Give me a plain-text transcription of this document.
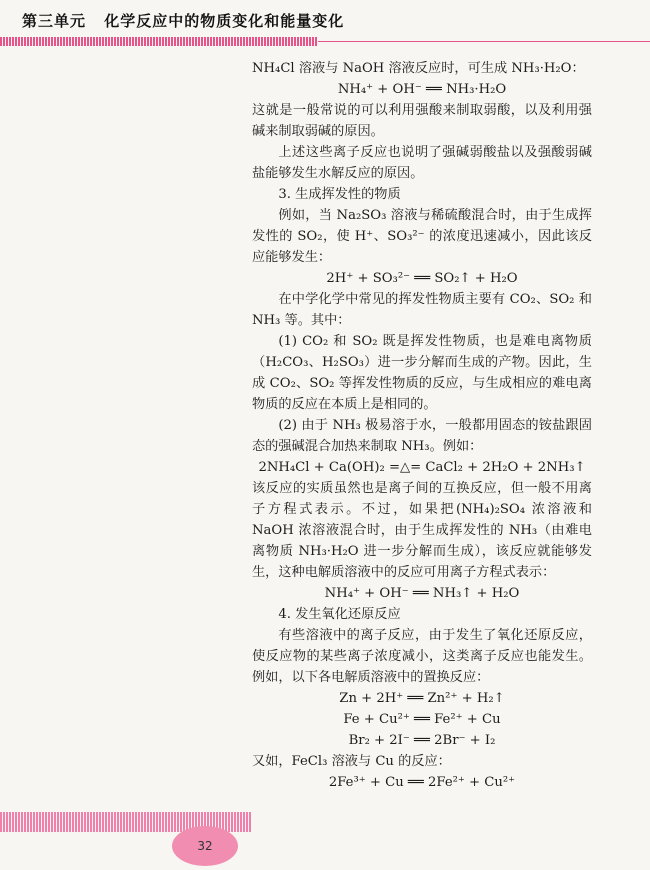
第三单元 化学反应中的物质变化和能量变化

NH₄Cl 溶液与 NaOH 溶液反应时，可生成 NH₃·H₂O：

NH₄⁺ + OH⁻ ══ NH₃·H₂O

这就是一般常说的可以利用强酸来制取弱酸，以及利用强碱来制取弱碱的原因。

上述这些离子反应也说明了强碱弱酸盐以及强酸弱碱盐能够发生水解反应的原因。

3. 生成挥发性的物质

例如，当 Na₂SO₃ 溶液与稀硫酸混合时，由于生成挥发性的 SO₂，使 H⁺、SO₃²⁻ 的浓度迅速减小，因此该反应能够发生：

2H⁺ + SO₃²⁻ ══ SO₂↑ + H₂O

在中学化学中常见的挥发性物质主要有 CO₂、SO₂ 和 NH₃ 等。其中：

(1) CO₂ 和 SO₂ 既是挥发性物质，也是难电离物质（H₂CO₃、H₂SO₃）进一步分解而生成的产物。因此，生成 CO₂、SO₂ 等挥发性物质的反应，与生成相应的难电离物质的反应在本质上是相同的。

(2) 由于 NH₃ 极易溶于水，一般都用固态的铵盐跟固态的强碱混合加热来制取 NH₃。例如：

2NH₄Cl + Ca(OH)₂ =△= CaCl₂ + 2H₂O + 2NH₃↑

该反应的实质虽然也是离子间的互换反应，但一般不用离子方程式表示。不过，如果把(NH₄)₂SO₄ 浓溶液和 NaOH 浓溶液混合时，由于生成挥发性的 NH₃（由难电离物质 NH₃·H₂O 进一步分解而生成），该反应就能够发生，这种电解质溶液中的反应可用离子方程式表示：

NH₄⁺ + OH⁻ ══ NH₃↑ + H₂O

4. 发生氧化还原反应

有些溶液中的离子反应，由于发生了氧化还原反应，使反应物的某些离子浓度减小，这类离子反应也能发生。例如，以下各电解质溶液中的置换反应：

Zn + 2H⁺ ══ Zn²⁺ + H₂↑

Fe + Cu²⁺ ══ Fe²⁺ + Cu

Br₂ + 2I⁻ ══ 2Br⁻ + I₂

又如，FeCl₃ 溶液与 Cu 的反应：

2Fe³⁺ + Cu ══ 2Fe²⁺ + Cu²⁺

32
